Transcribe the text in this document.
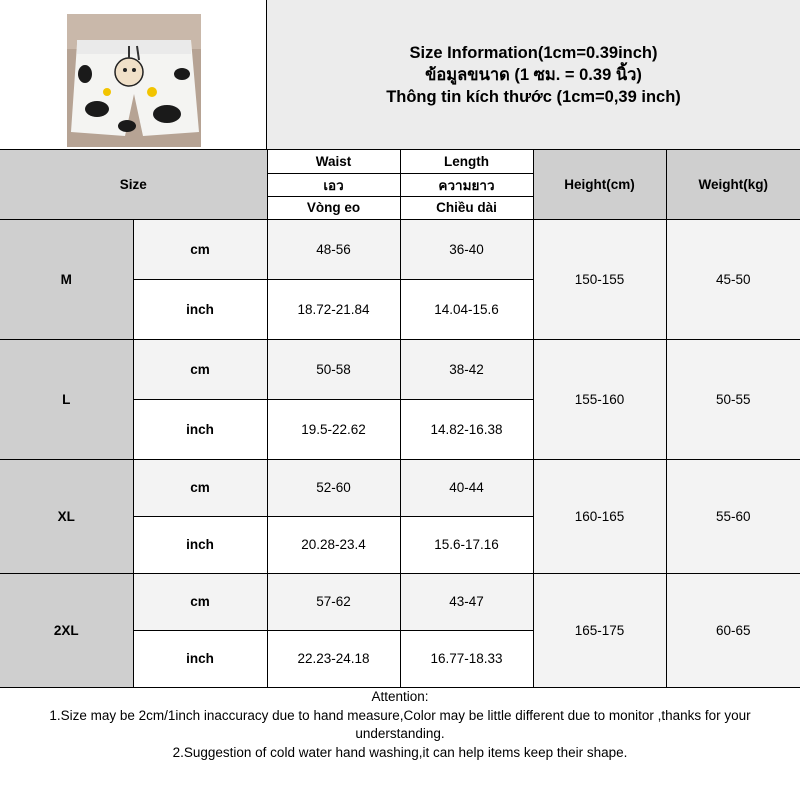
Size Information(1cm=0.39inch)
ข้อมูลขนาด (1 ซม. = 0.39 นิ้ว)
Thông tin kích thước (1cm=0,39 inch)
Size		Waist	Length	Height(cm)	Weight(kg)
		เอว	ความยาว		
		Vòng eo	Chiều dài		
M	cm	48-56	36-40	150-155	45-50
	inch	18.72-21.84	14.04-15.6		
L	cm	50-58	38-42	155-160	50-55
	inch	19.5-22.62	14.82-16.38		
XL	cm	52-60	40-44	160-165	55-60
	inch	20.28-23.4	15.6-17.16		
2XL	cm	57-62	43-47	165-175	60-65
	inch	22.23-24.18	16.77-18.33		
Attention:
1.Size may be 2cm/1inch inaccuracy due to hand measure,Color may be little different due to monitor ,thanks for your understanding.
2.Suggestion of cold water hand washing,it can help items keep their shape.
